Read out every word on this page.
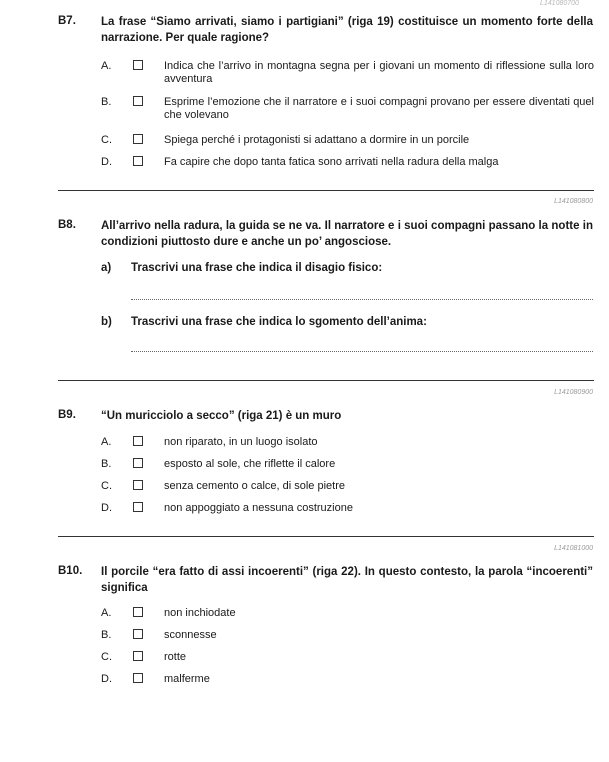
L141080700
B7. La frase “Siamo arrivati, siamo i partigiani” (riga 19) costituisce un momento forte della narrazione. Per quale ragione?
A.	Indica che l’arrivo in montagna segna per i giovani un momento di riflessione sulla loro avventura
B.	Esprime l’emozione che il narratore e i suoi compagni provano per essere diventati quel che volevano
C.	Spiega perché i protagonisti si adattano a dormire in un porcile
D.	Fa capire che dopo tanta fatica sono arrivati nella radura della malga
L141080800
B8. All’arrivo nella radura, la guida se ne va. Il narratore e i suoi compagni passano la notte in condizioni piuttosto dure e anche un po’ angosciose.
a) Trascrivi una frase che indica il disagio fisico:
b) Trascrivi una frase che indica lo sgomento dell’anima:
L141080900
B9. “Un muricciolo a secco” (riga 21) è un muro
A.	non riparato, in un luogo isolato
B.	esposto al sole, che riflette il calore
C.	senza cemento o calce, di sole pietre
D.	non appoggiato a nessuna costruzione
L141081000
B10. Il porcile “era fatto di assi incoerenti” (riga 22). In questo contesto, la parola “incoerenti” significa
A.	non inchiodate
B.	sconnesse
C.	rotte
D.	malferme
